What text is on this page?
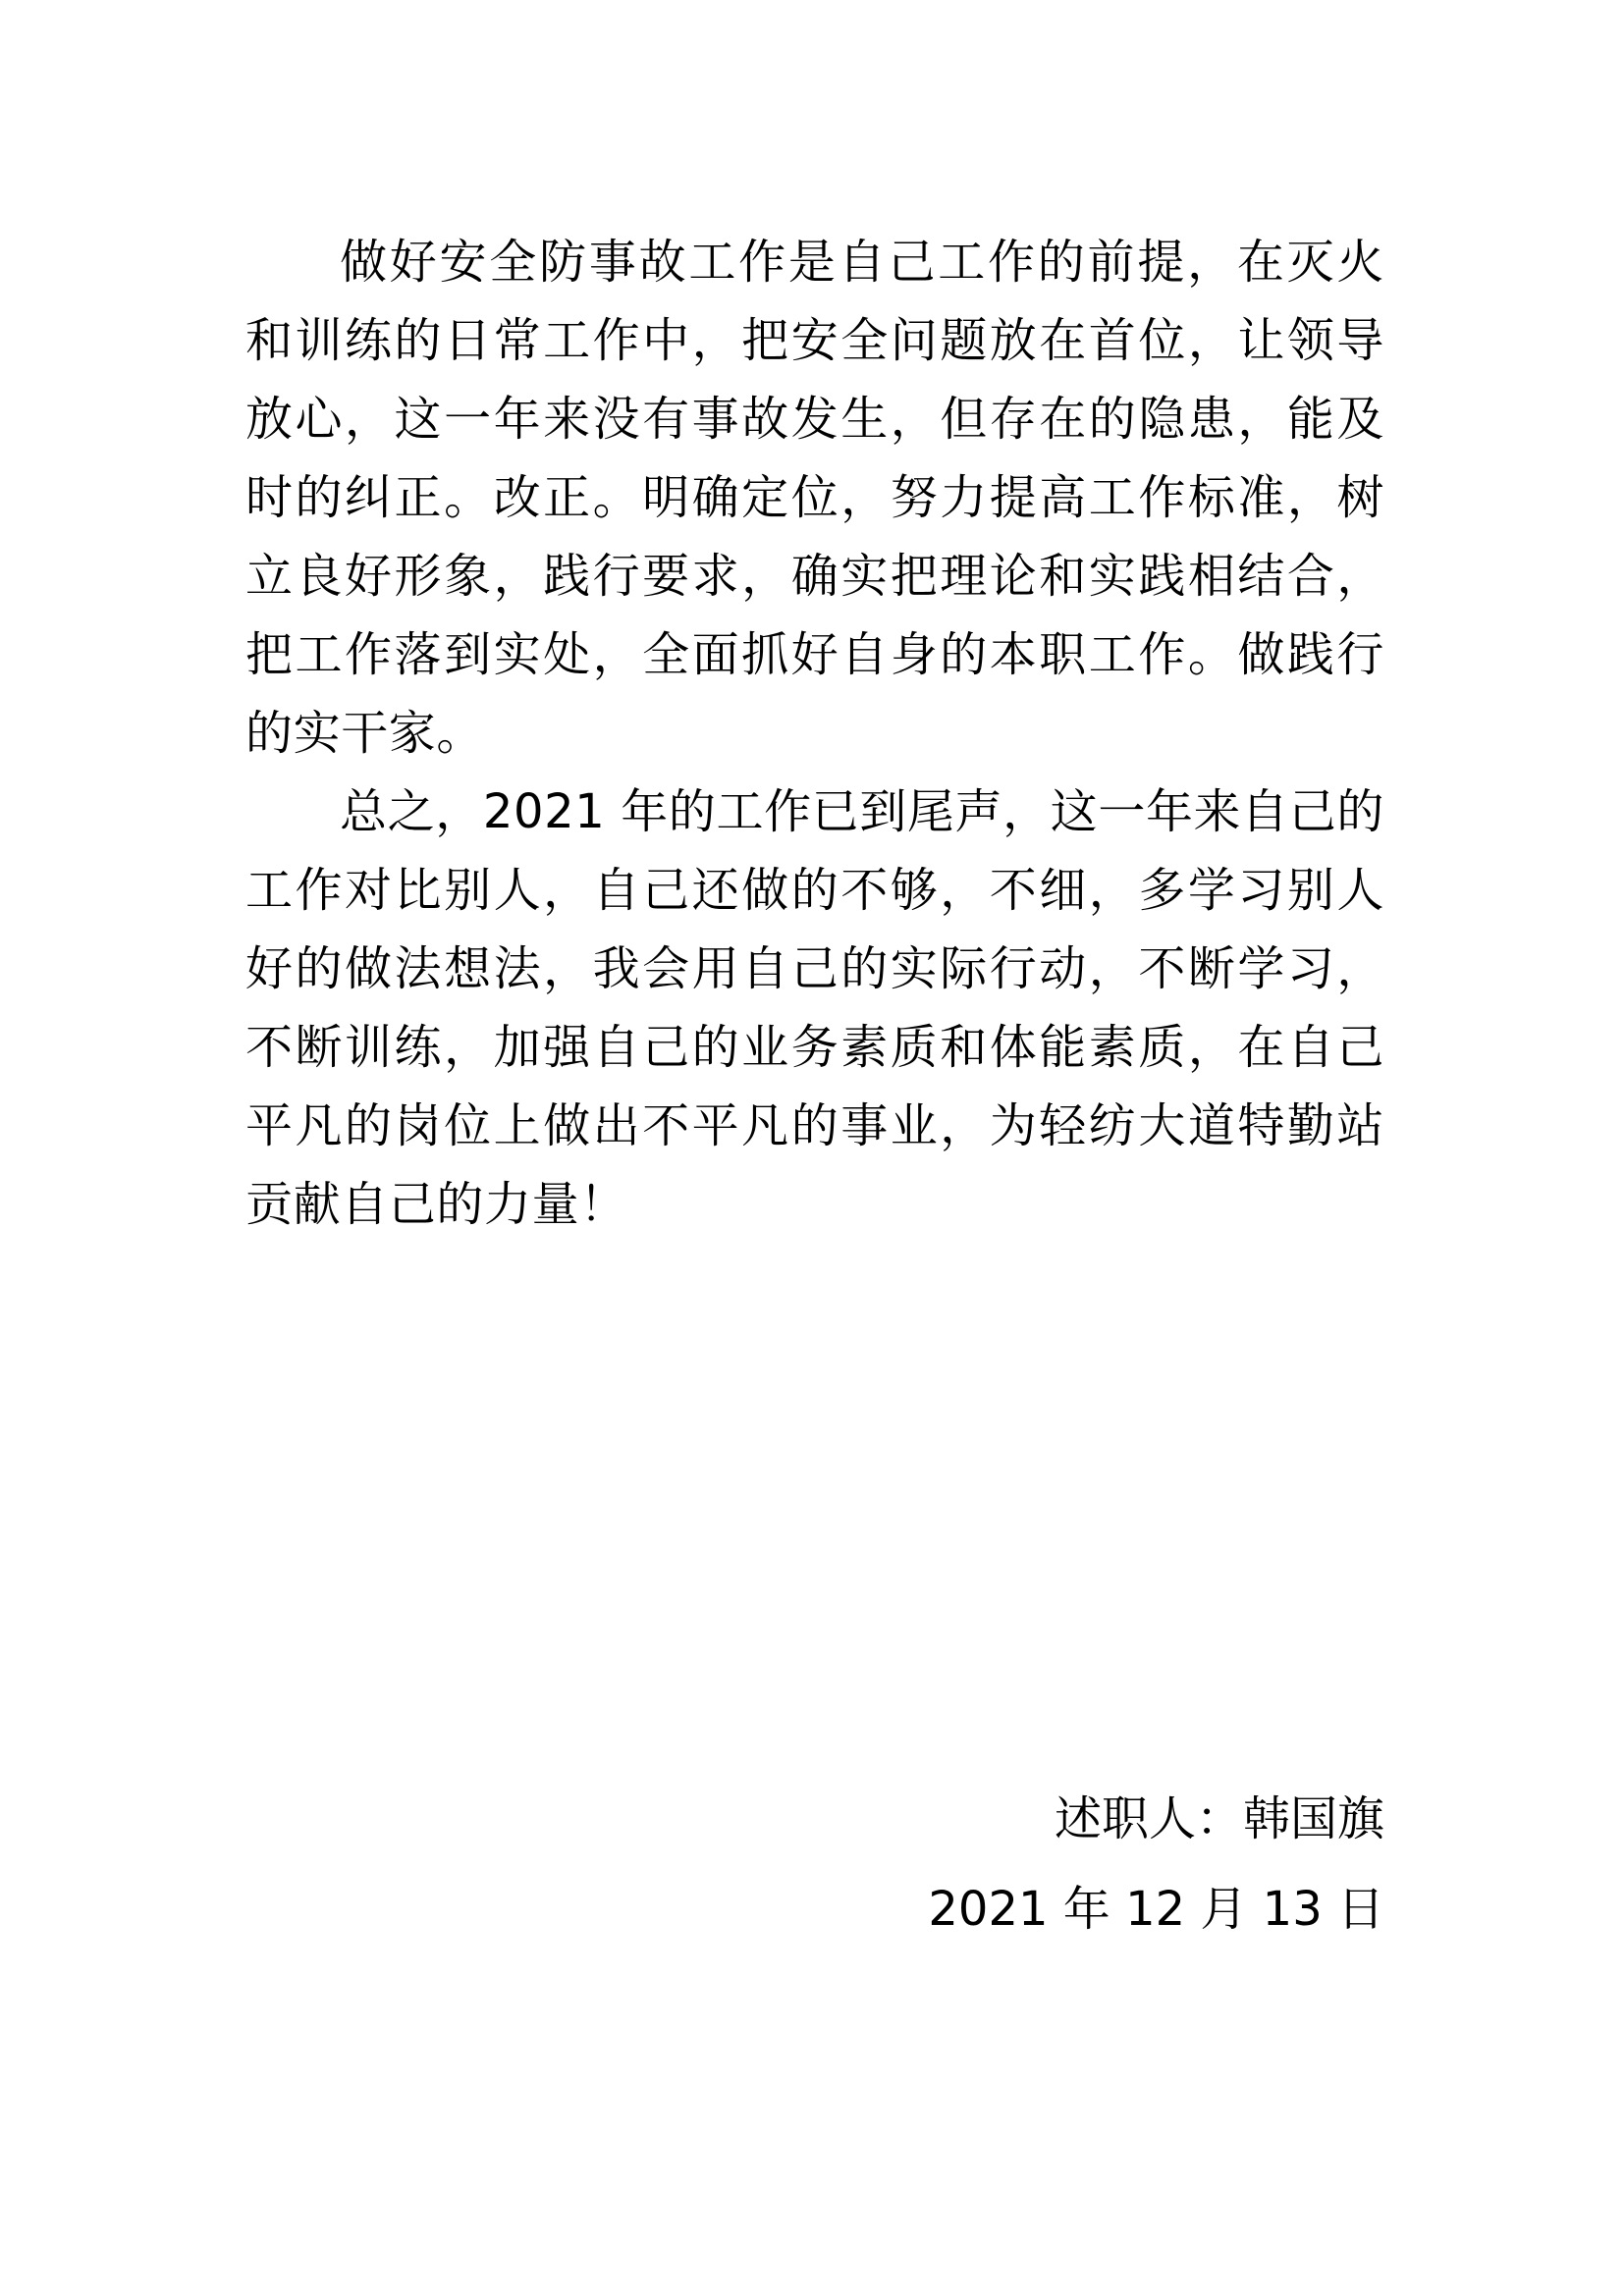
做好安全防事故工作是自己工作的前提，在灭火和训练的日常工作中，把安全问题放在首位，让领导放心，这一年来没有事故发生，但存在的隐患，能及时的纠正。改正。明确定位，努力提高工作标准，树立良好形象，践行要求，确实把理论和实践相结合，把工作落到实处，全面抓好自身的本职工作。做践行的实干家。

总之，2021 年的工作已到尾声，这一年来自己的工作对比别人，自己还做的不够，不细，多学习别人好的做法想法，我会用自己的实际行动，不断学习，不断训练，加强自己的业务素质和体能素质，在自己平凡的岗位上做出不平凡的事业，为轻纺大道特勤站贡献自己的力量！

述职人：韩国旗
2021 年 12 月 13 日
